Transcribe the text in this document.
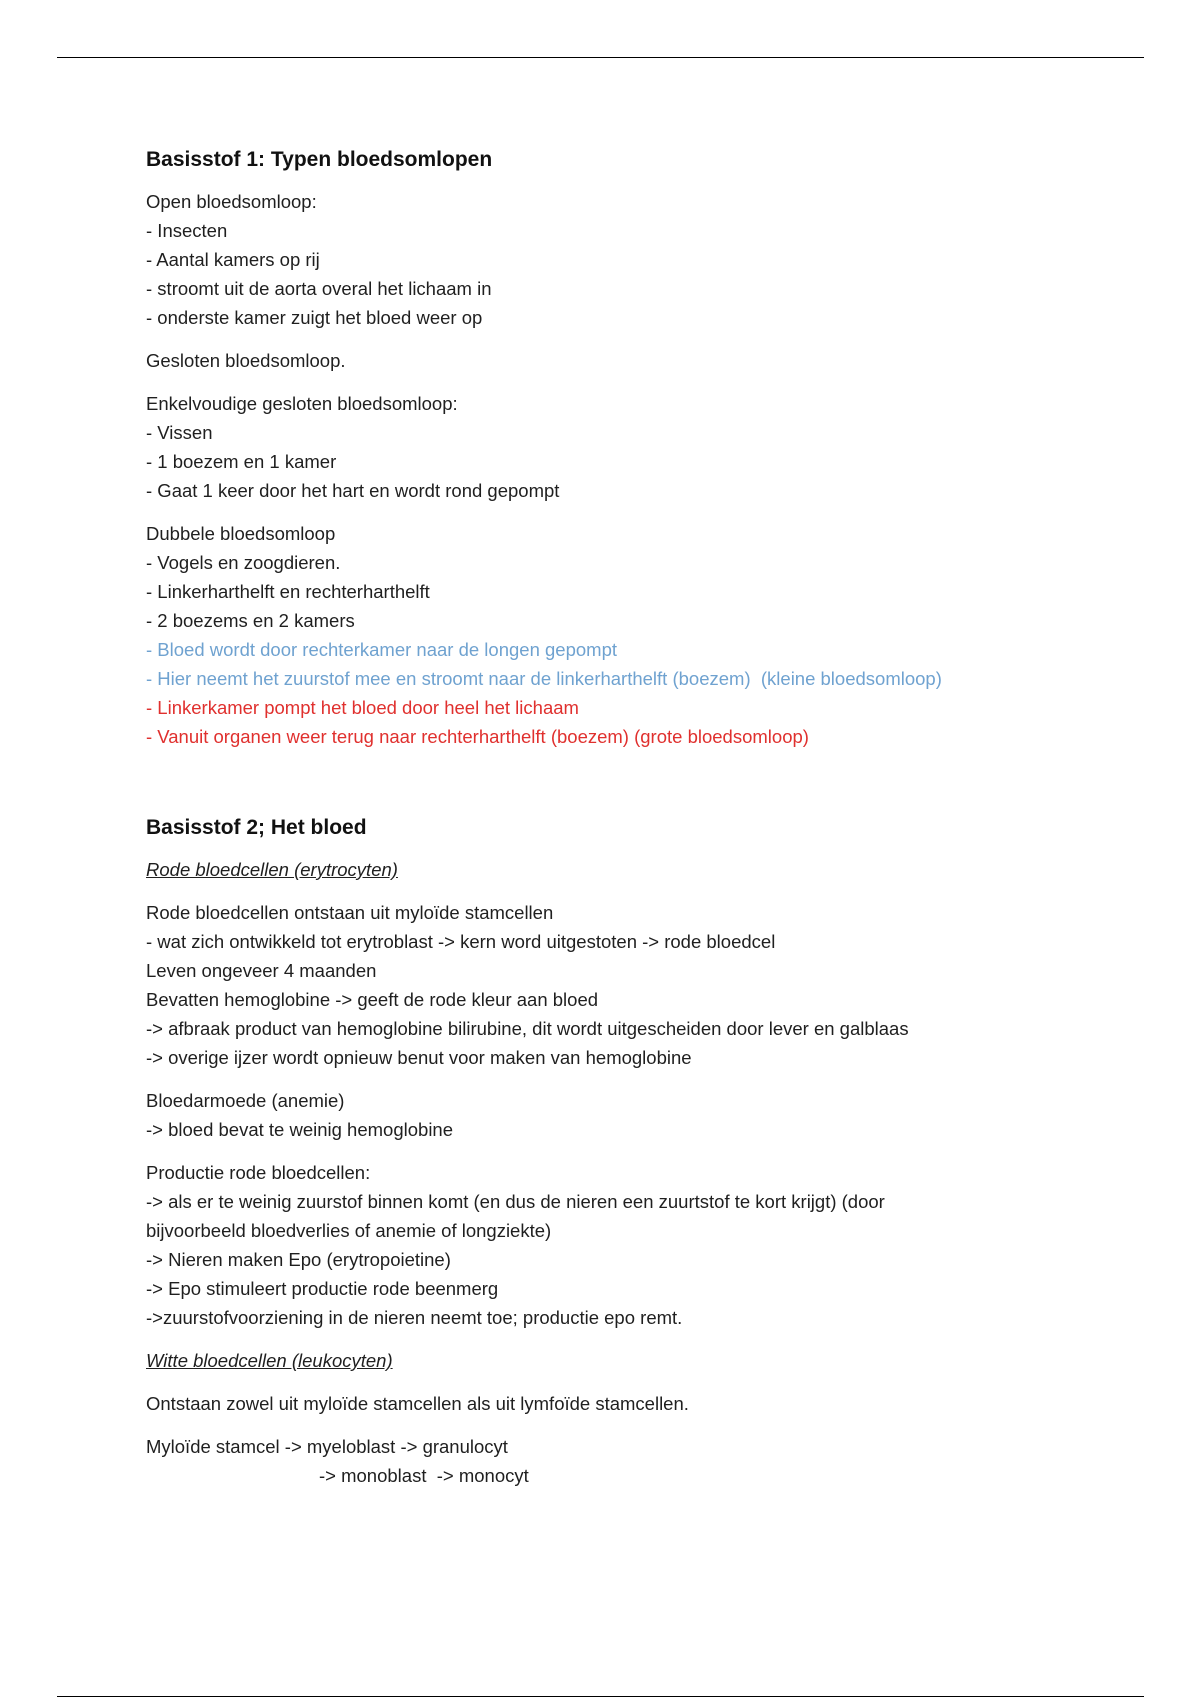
Basisstof 1: Typen bloedsomlopen
Open bloedsomloop:
- Insecten
- Aantal kamers op rij
- stroomt uit de aorta overal het lichaam in
- onderste kamer zuigt het bloed weer op
Gesloten bloedsomloop.
Enkelvoudige gesloten bloedsomloop:
- Vissen
- 1 boezem en 1 kamer
- Gaat 1 keer door het hart en wordt rond gepompt
Dubbele bloedsomloop
- Vogels en zoogdieren.
- Linkerharthelft en rechterharthelft
- 2 boezems en 2 kamers
- Bloed wordt door rechterkamer naar de longen gepompt
- Hier neemt het zuurstof mee en stroomt naar de linkerharthelft (boezem)  (kleine bloedsomloop)
- Linkerkamer pompt het bloed door heel het lichaam
- Vanuit organen weer terug naar rechterharthelft (boezem) (grote bloedsomloop)
Basisstof 2; Het bloed
Rode bloedcellen (erytrocyten)
Rode bloedcellen ontstaan uit myloïde stamcellen
- wat zich ontwikkeld tot erytroblast -> kern word uitgestoten -> rode bloedcel
Leven ongeveer 4 maanden
Bevatten hemoglobine -> geeft de rode kleur aan bloed
-> afbraak product van hemoglobine bilirubine, dit wordt uitgescheiden door lever en galblaas
-> overige ijzer wordt opnieuw benut voor maken van hemoglobine
Bloedarmoede (anemie)
-> bloed bevat te weinig hemoglobine
Productie rode bloedcellen:
-> als er te weinig zuurstof binnen komt (en dus de nieren een zuurtstof te kort krijgt) (door
bijvoorbeeld bloedverlies of anemie of longziekte)
-> Nieren maken Epo (erytropoietine)
-> Epo stimuleert productie rode beenmerg
->zuurstofvoorziening in de nieren neemt toe; productie epo remt.
Witte bloedcellen (leukocyten)
Ontstaan zowel uit myloïde stamcellen als uit lymfoïde stamcellen.
Myloïde stamcel -> myeloblast -> granulocyt
-> monoblast  -> monocyt
